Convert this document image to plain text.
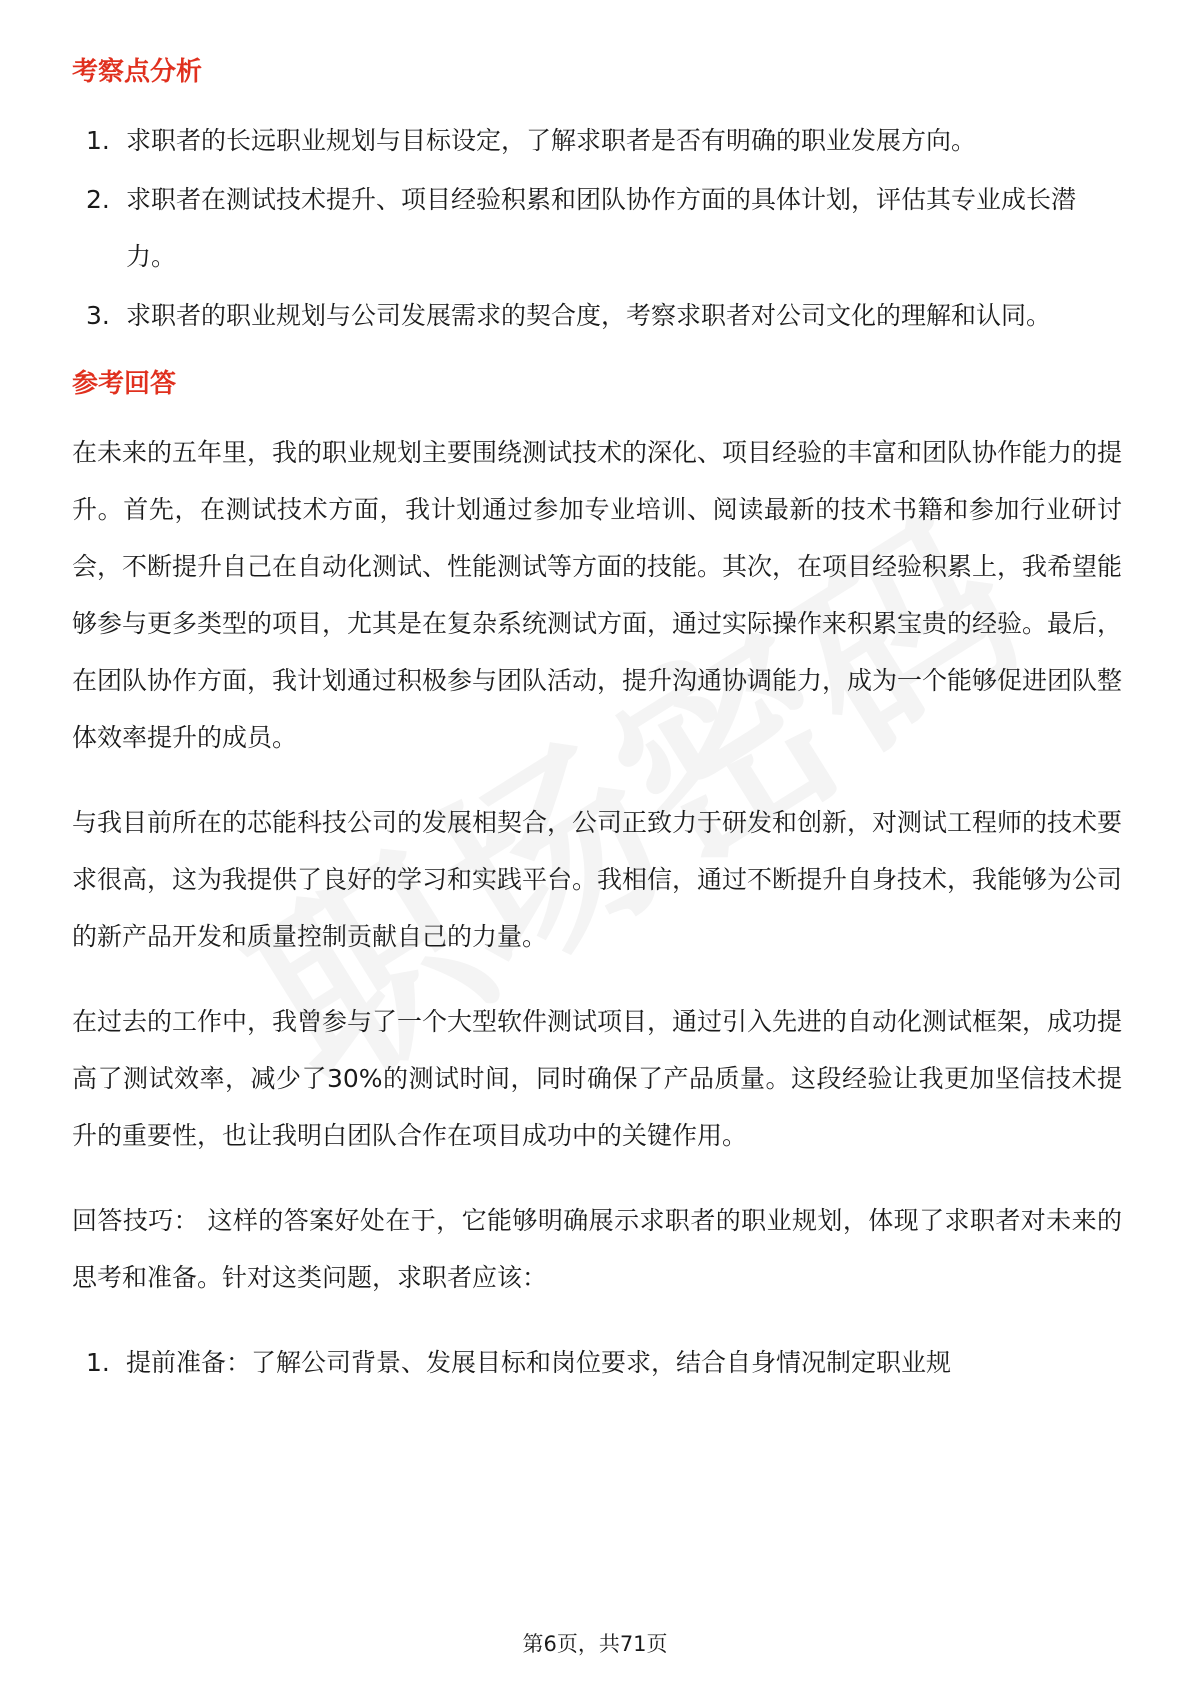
考察点分析
1. 求职者的长远职业规划与目标设定，了解求职者是否有明确的职业发展方向。
2. 求职者在测试技术提升、项目经验积累和团队协作方面的具体计划，评估其专业成长潜力。
3. 求职者的职业规划与公司发展需求的契合度，考察求职者对公司文化的理解和认同。
参考回答

在未来的五年里，我的职业规划主要围绕测试技术的深化、项目经验的丰富和团队协作能力的提升。首先，在测试技术方面，我计划通过参加专业培训、阅读最新的技术书籍和参加行业研讨会，不断提升自己在自动化测试、性能测试等方面的技能。其次，在项目经验积累上，我希望能够参与更多类型的项目，尤其是在复杂系统测试方面，通过实际操作来积累宝贵的经验。最后，在团队协作方面，我计划通过积极参与团队活动，提升沟通协调能力，成为一个能够促进团队整体效率提升的成员。

与我目前所在的芯能科技公司的发展相契合，公司正致力于研发和创新，对测试工程师的技术要求很高，这为我提供了良好的学习和实践平台。我相信，通过不断提升自身技术，我能够为公司的新产品开发和质量控制贡献自己的力量。

在过去的工作中，我曾参与了一个大型软件测试项目，通过引入先进的自动化测试框架，成功提高了测试效率，减少了30%的测试时间，同时确保了产品质量。这段经验让我更加坚信技术提升的重要性，也让我明白团队合作在项目成功中的关键作用。

回答技巧： 这样的答案好处在于，它能够明确展示求职者的职业规划，体现了求职者对未来的思考和准备。针对这类问题，求职者应该：

1. 提前准备：了解公司背景、发展目标和岗位要求，结合自身情况制定职业规
第6页，共71页
